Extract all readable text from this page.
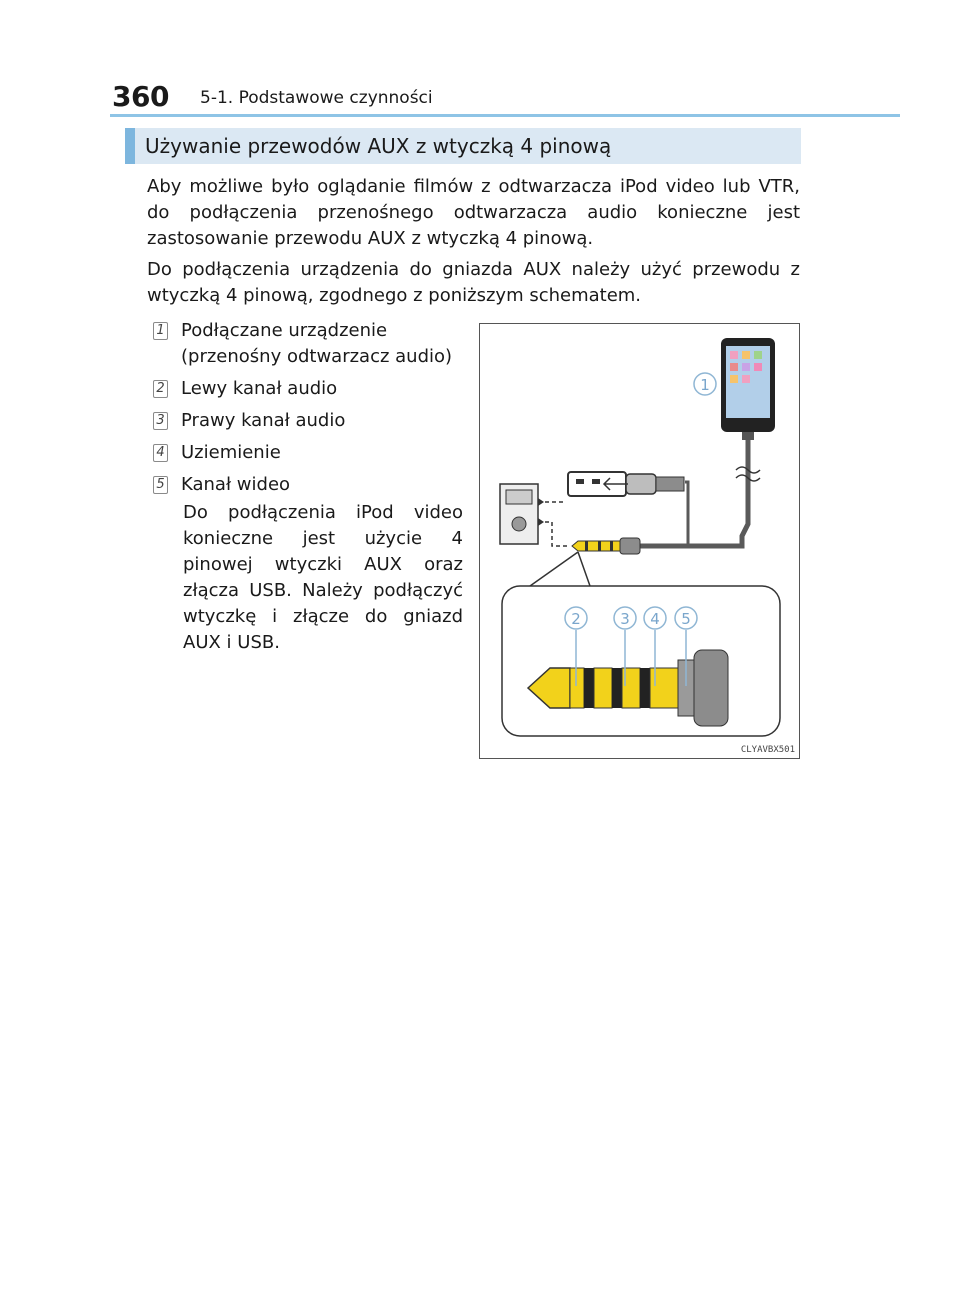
360 5-1. Podstawowe czynności
Używanie przewodów AUX z wtyczką 4 pinową
Aby możliwe było oglądanie filmów z odtwarzacza iPod video lub VTR, do podłączenia przenośnego odtwarzacza audio konieczne jest zastosowanie przewodu AUX z wtyczką 4 pinową.
Do podłączenia urządzenia do gniazda AUX należy użyć przewodu z wtyczką 4 pinową, zgodnego z poniższym schematem.
1 Podłączane urządzenie (przenośny odtwarzacz audio)
2 Lewy kanał audio
3 Prawy kanał audio
4 Uziemienie
5 Kanał wideo
Do podłączenia iPod video konieczne jest użycie 4 pinowej wtyczki AUX oraz złącza USB. Należy podłączyć wtyczkę i złącze do gniazd AUX i USB.
1
2	3 4 5
CLYAVBX501
